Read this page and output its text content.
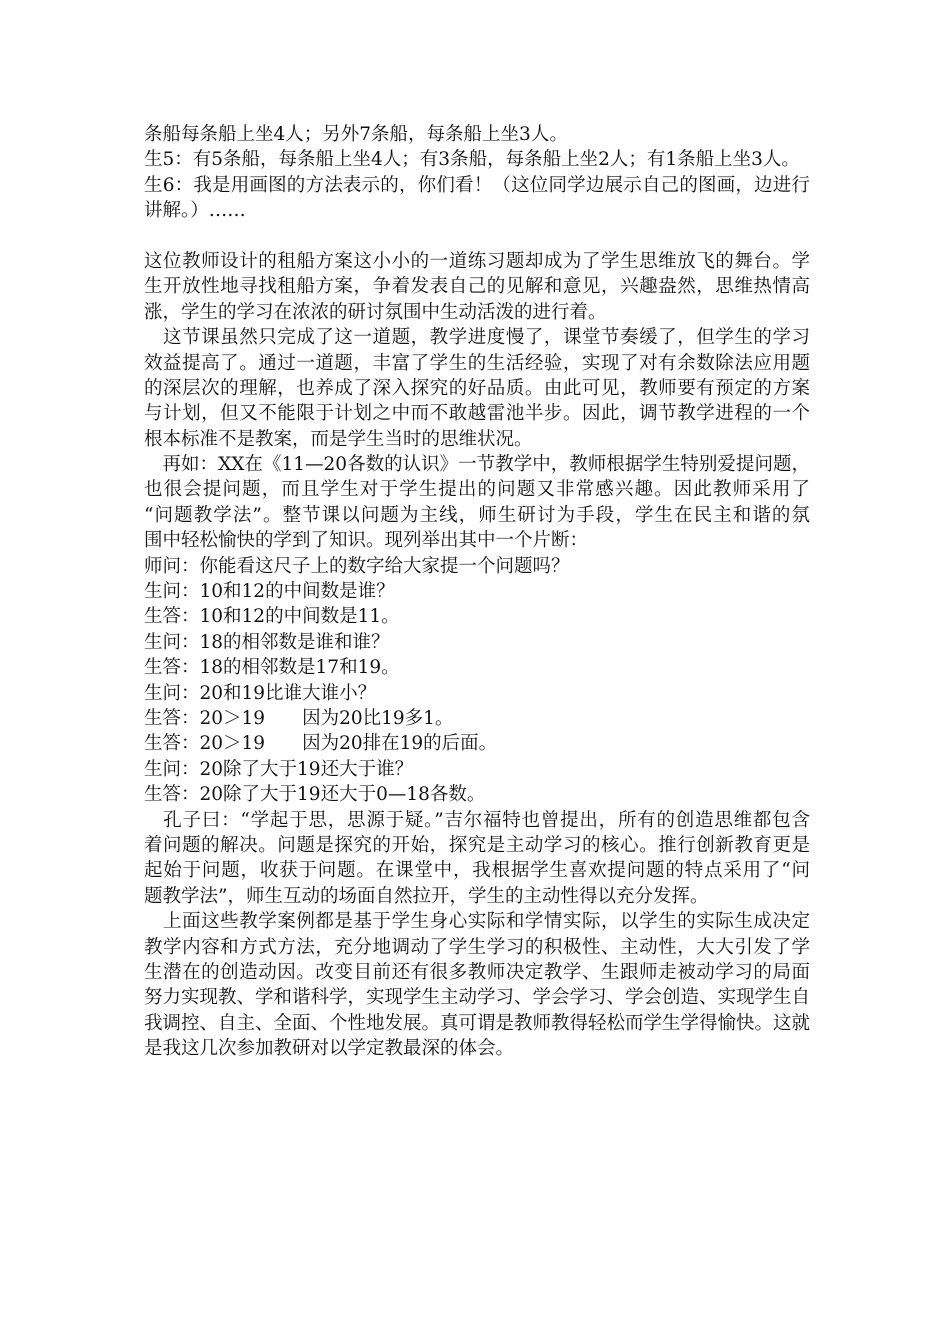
条船每条船上坐4人；另外7条船，每条船上坐3人。
生5：有5条船，每条船上坐4人；有3条船，每条船上坐2人；有1条船上坐3人。
生6：我是用画图的方法表示的，你们看！（这位同学边展示自己的图画，边进行
讲解。）……
这位教师设计的租船方案这小小的一道练习题却成为了学生思维放飞的舞台。学
生开放性地寻找租船方案，争着发表自己的见解和意见，兴趣盎然，思维热情高
涨，学生的学习在浓浓的研讨氛围中生动活泼的进行着。
　这节课虽然只完成了这一道题，教学进度慢了，课堂节奏缓了，但学生的学习
效益提高了。通过一道题，丰富了学生的生活经验，实现了对有余数除法应用题
的深层次的理解，也养成了深入探究的好品质。由此可见，教师要有预定的方案
与计划，但又不能限于计划之中而不敢越雷池半步。因此，调节教学进程的一个
根本标准不是教案，而是学生当时的思维状况。
　再如：XX在《11—20各数的认识》一节教学中，教师根据学生特别爱提问题，
也很会提问题，而且学生对于学生提出的问题又非常感兴趣。因此教师采用了
“问题教学法”。整节课以问题为主线，师生研讨为手段，学生在民主和谐的氛
围中轻松愉快的学到了知识。现列举出其中一个片断：
师问：你能看这尺子上的数字给大家提一个问题吗？
生问：10和12的中间数是谁？
生答：10和12的中间数是11。
生问：18的相邻数是谁和谁？
生答：18的相邻数是17和19。
生问：20和19比谁大谁小？
生答：20＞19　　因为20比19多1。
生答：20＞19　　因为20排在19的后面。
生问：20除了大于19还大于谁？
生答：20除了大于19还大于0—18各数。
　孔子曰：“学起于思，思源于疑。”吉尔福特也曾提出，所有的创造思维都包含
着问题的解决。问题是探究的开始，探究是主动学习的核心。推行创新教育更是
起始于问题，收获于问题。在课堂中，我根据学生喜欢提问题的特点采用了“问
题教学法”，师生互动的场面自然拉开，学生的主动性得以充分发挥。
　上面这些教学案例都是基于学生身心实际和学情实际，以学生的实际生成决定
教学内容和方式方法，充分地调动了学生学习的积极性、主动性，大大引发了学
生潜在的创造动因。改变目前还有很多教师决定教学、生跟师走被动学习的局面
努力实现教、学和谐科学，实现学生主动学习、学会学习、学会创造、实现学生自
我调控、自主、全面、个性地发展。真可谓是教师教得轻松而学生学得愉快。这就
是我这几次参加教研对以学定教最深的体会。
